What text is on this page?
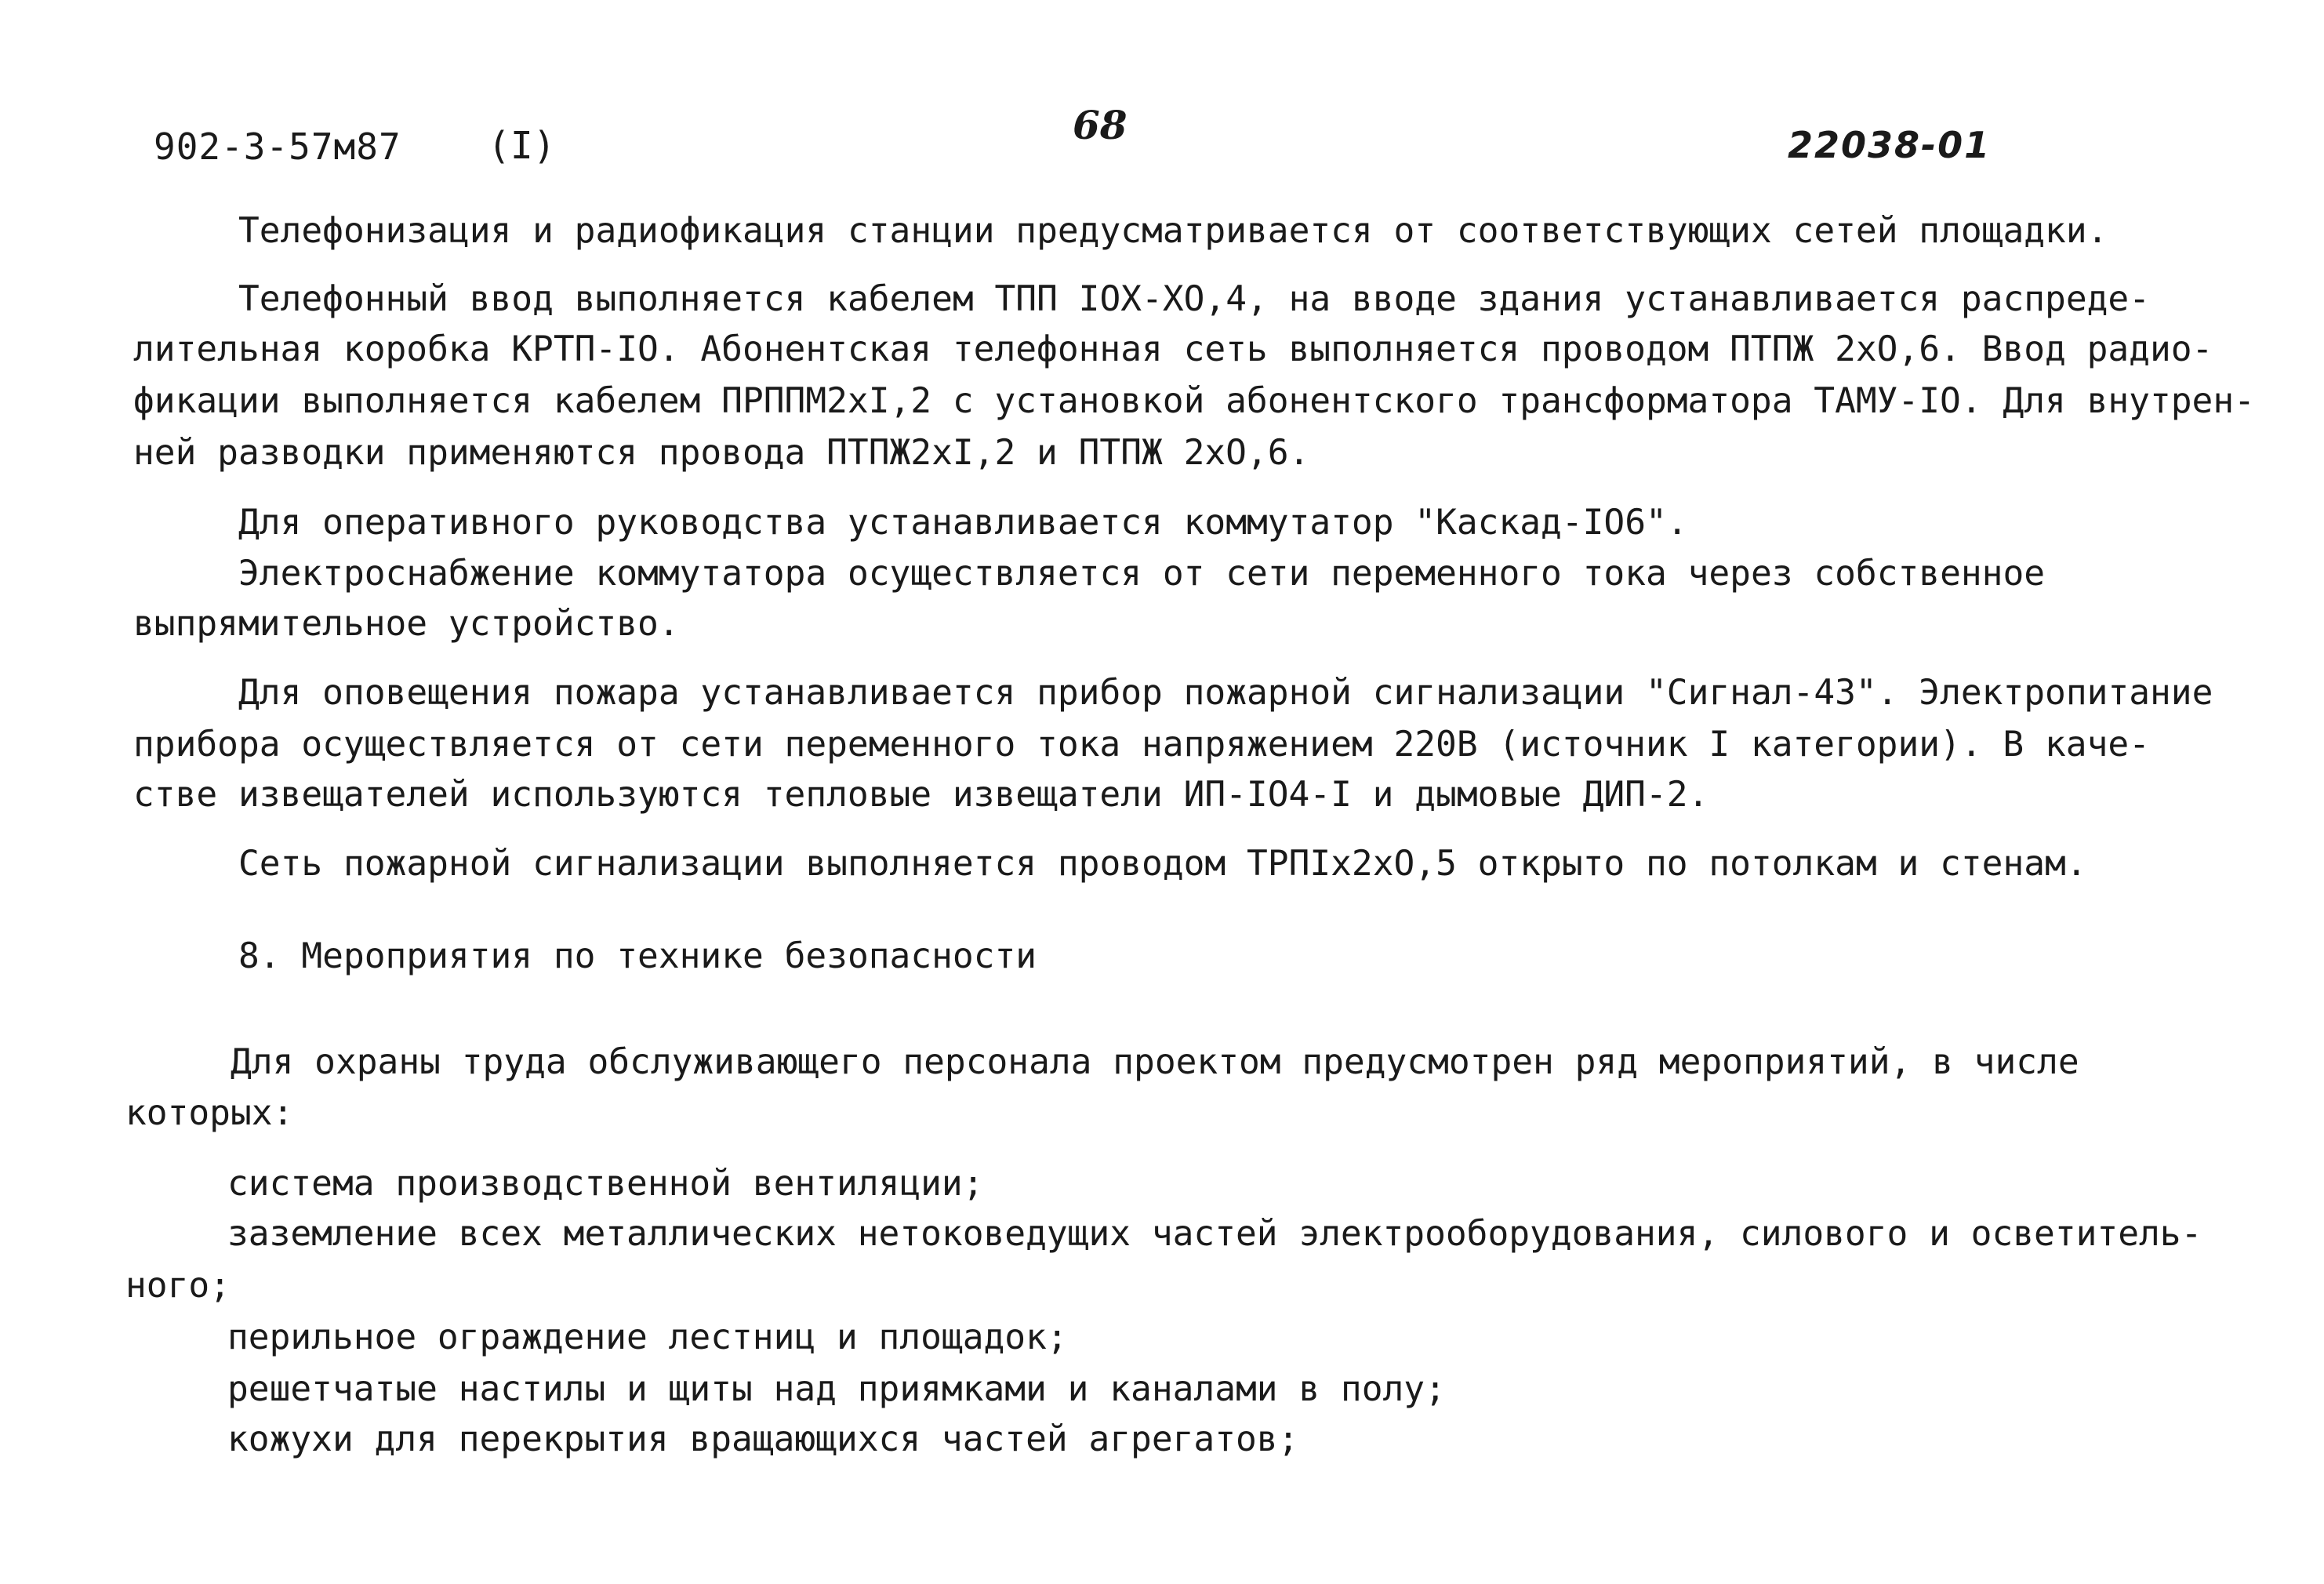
902-3-57м87 (I)	68	22038-01
Телефонизация и радиофикация станции предусматривается от соответствующих сетей площадки.
Телефонный ввод выполняется кабелем ТПП IOX-XO,4, на вводе здания устанавливается распреде-
лительная коробка КРТП-IO. Абонентская телефонная сеть выполняется проводом ПТПЖ 2хО,6. Ввод радио-
фикации выполняется кабелем ПРППМ2хI,2 с установкой абонентского трансформатора ТАМУ-IO. Для внутрен-
ней разводки применяются провода ПТПЖ2хI,2 и ПТПЖ 2хО,6.
Для оперативного руководства устанавливается коммутатор "Каскад-IO6".
Электроснабжение коммутатора осуществляется от сети переменного тока через собственное
выпрямительное устройство.
Для оповещения пожара устанавливается прибор пожарной сигнализации "Сигнал-43". Электропитание
прибора осуществляется от сети переменного тока напряжением 220В (источник I категории). В каче-
стве извещателей используются тепловые извещатели ИП-IO4-I и дымовые ДИП-2.
Сеть пожарной сигнализации выполняется проводом ТРПIх2хО,5 открыто по потолкам и стенам.
8. Мероприятия по технике безопасности
Для охраны труда обслуживающего персонала проектом предусмотрен ряд мероприятий, в числе
которых:
система производственной вентиляции;
заземление всех металлических нетоковедущих частей электрооборудования, силового и осветитель-
ного;
перильное ограждение лестниц и площадок;
решетчатые настилы и щиты над приямками и каналами в полу;
кожухи для перекрытия вращающихся частей агрегатов;
